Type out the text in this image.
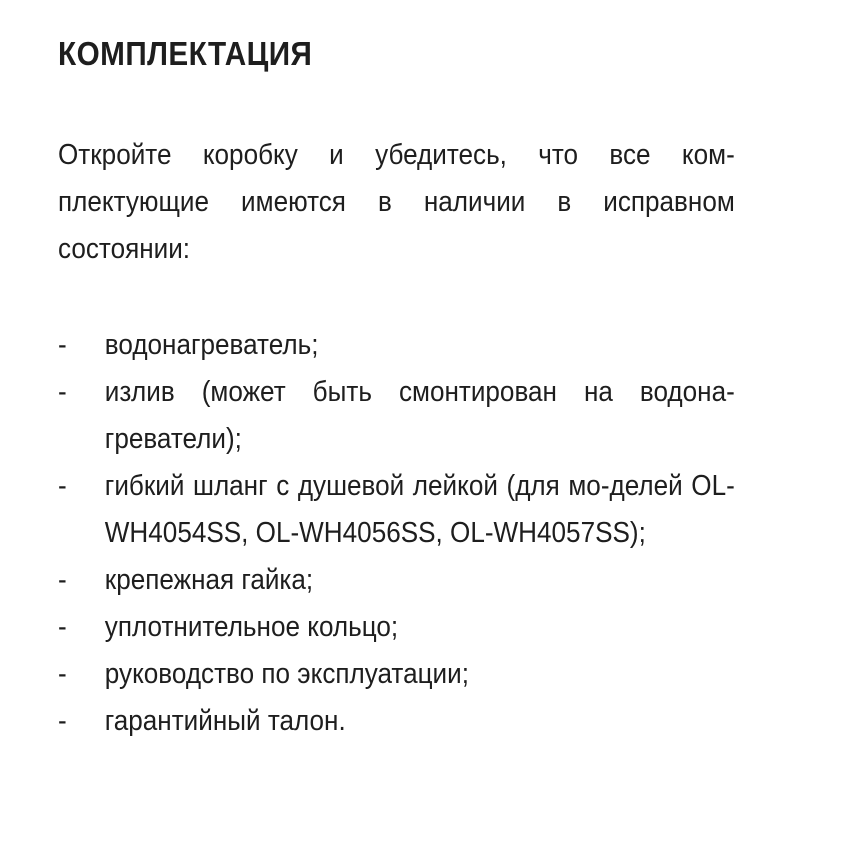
КОМПЛЕКТАЦИЯ

Откройте коробку и убедитесь, что все ком-плектующие имеются в наличии в исправном состоянии:

- водонагреватель;
- излив (может быть смонтирован на водона-греватели);
- гибкий шланг с душевой лейкой (для мо-делей OL-WH4054SS, OL-WH4056SS, OL-WH4057SS);
- крепежная гайка;
- уплотнительное кольцо;
- руководство по эксплуатации;
- гарантийный талон.
